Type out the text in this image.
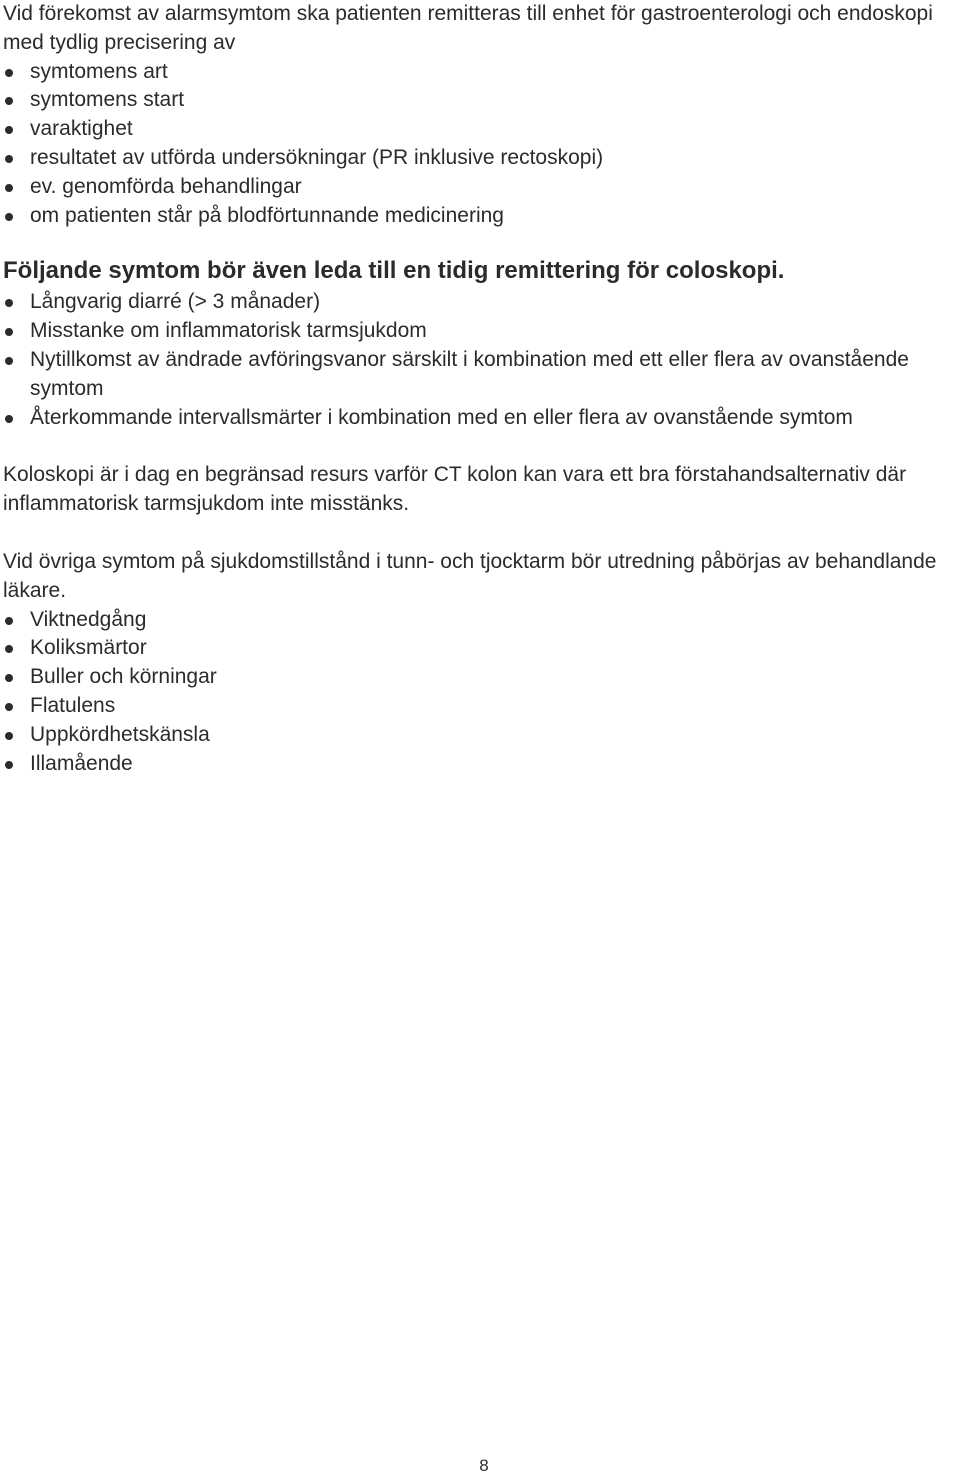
Vid förekomst av alarmsymtom ska patienten remitteras till enhet för gastroenterologi och endoskopi med tydlig precisering av

symtomens art
symtomens start
varaktighet
resultatet av utförda undersökningar (PR inklusive rectoskopi)
ev. genomförda behandlingar
om patienten står på blodförtunnande medicinering
Följande symtom bör även leda till en tidig remittering för coloskopi.
Långvarig diarré (> 3 månader)
Misstanke om inflammatorisk tarmsjukdom
Nytillkomst av ändrade avföringsvanor särskilt i kombination med ett eller flera av ovanstående symtom
Återkommande intervallsmärter i kombination med en eller flera av ovanstående symtom

Koloskopi är i dag en begränsad resurs varför CT kolon kan vara ett bra förstahandsalternativ där inflammatorisk tarmsjukdom inte misstänks.

Vid övriga symtom på sjukdomstillstånd i tunn- och tjocktarm bör utredning påbörjas av behandlande läkare.

Viktnedgång
Koliksmärtor
Buller och körningar
Flatulens
Uppkördhetskänsla
Illamående
8
